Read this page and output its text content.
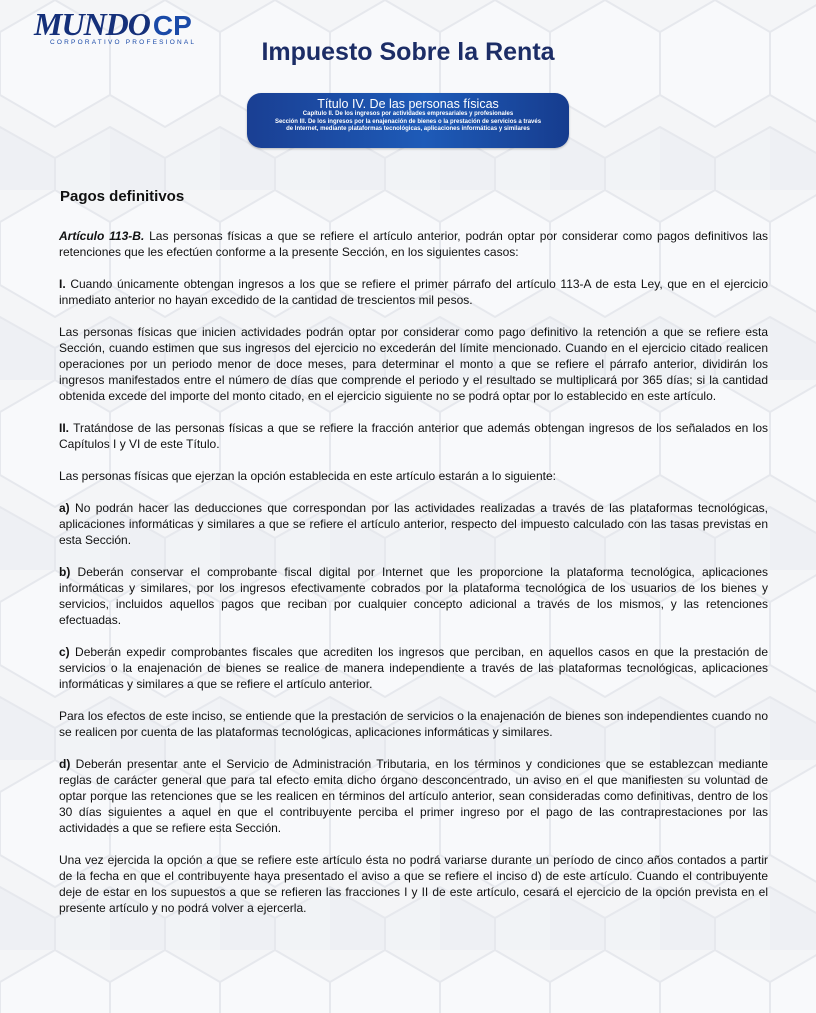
MUNDO CP
CORPORATIVO PROFESIONAL	Impuesto Sobre la Renta
Título IV. De las personas físicas
Capítulo II. De los ingresos por actividades empresariales y profesionales
Sección III. De los ingresos por la enajenación de bienes o la prestación de servicios a través
de Internet, mediante plataformas tecnológicas, aplicaciones informáticas y similares
Pagos definitivos

Artículo 113-B. Las personas físicas a que se refiere el artículo anterior, podrán optar por considerar como pagos definitivos las retenciones que les efectúen conforme a la presente Sección, en los siguientes casos:

I. Cuando únicamente obtengan ingresos a los que se refiere el primer párrafo del artículo 113-A de esta Ley, que en el ejercicio inmediato anterior no hayan excedido de la cantidad de trescientos mil pesos.

Las personas físicas que inicien actividades podrán optar por considerar como pago definitivo la retención a que se refiere esta Sección, cuando estimen que sus ingresos del ejercicio no excederán del límite mencionado. Cuando en el ejercicio citado realicen operaciones por un periodo menor de doce meses, para determinar el monto a que se refiere el párrafo anterior, dividirán los ingresos manifestados entre el número de días que comprende el periodo y el resultado se multiplicará por 365 días; si la cantidad obtenida excede del importe del monto citado, en el ejercicio siguiente no se podrá optar por lo establecido en este artículo.

II. Tratándose de las personas físicas a que se refiere la fracción anterior que además obtengan ingresos de los señalados en los Capítulos I y VI de este Título.

Las personas físicas que ejerzan la opción establecida en este artículo estarán a lo siguiente:

a) No podrán hacer las deducciones que correspondan por las actividades realizadas a través de las plataformas tecnológicas, aplicaciones informáticas y similares a que se refiere el artículo anterior, respecto del impuesto calculado con las tasas previstas en esta Sección.

b) Deberán conservar el comprobante fiscal digital por Internet que les proporcione la plataforma tecnológica, aplicaciones informáticas y similares, por los ingresos efectivamente cobrados por la plataforma tecnológica de los usuarios de los bienes y servicios, incluidos aquellos pagos que reciban por cualquier concepto adicional a través de los mismos, y las retenciones efectuadas.

c) Deberán expedir comprobantes fiscales que acrediten los ingresos que perciban, en aquellos casos en que la prestación de servicios o la enajenación de bienes se realice de manera independiente a través de las plataformas tecnológicas, aplicaciones informáticas y similares a que se refiere el artículo anterior.

Para los efectos de este inciso, se entiende que la prestación de servicios o la enajenación de bienes son independientes cuando no se realicen por cuenta de las plataformas tecnológicas, aplicaciones informáticas y similares.

d) Deberán presentar ante el Servicio de Administración Tributaria, en los términos y condiciones que se establezcan mediante reglas de carácter general que para tal efecto emita dicho órgano desconcentrado, un aviso en el que manifiesten su voluntad de optar porque las retenciones que se les realicen en términos del artículo anterior, sean consideradas como definitivas, dentro de los 30 días siguientes a aquel en que el contribuyente perciba el primer ingreso por el pago de las contraprestaciones por las actividades a que se refiere esta Sección.

Una vez ejercida la opción a que se refiere este artículo ésta no podrá variarse durante un período de cinco años contados a partir de la fecha en que el contribuyente haya presentado el aviso a que se refiere el inciso d) de este artículo. Cuando el contribuyente deje de estar en los supuestos a que se refieren las fracciones I y II de este artículo, cesará el ejercicio de la opción prevista en el presente artículo y no podrá volver a ejercerla.
